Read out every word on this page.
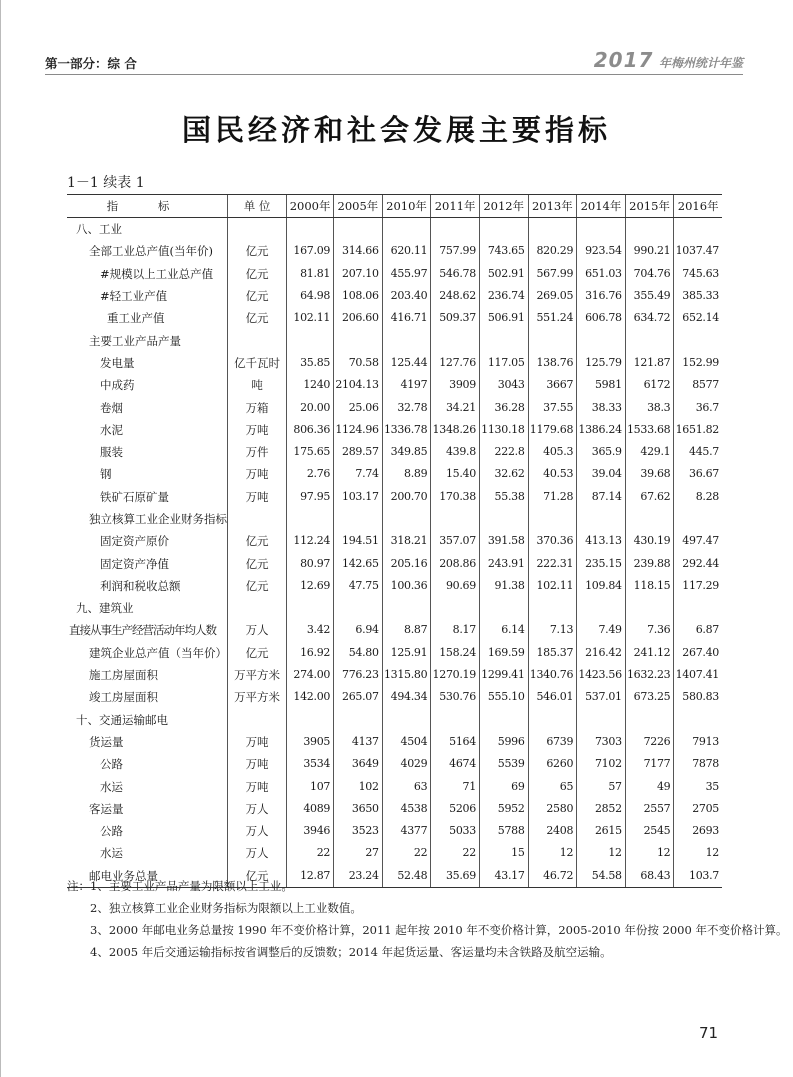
第一部分：综 合	2017 年梅州统计年鉴
国民经济和社会发展主要指标
1－1 续表 1
指 标	单 位	2000年	2005年	2010年	2011年	2012年	2013年	2014年	2015年	2016年
八、工业										
全部工业总产值(当年价)	亿元	167.09	314.66	620.11	757.99	743.65	820.29	923.54	990.21	1037.47
#规模以上工业总产值	亿元	81.81	207.10	455.97	546.78	502.91	567.99	651.03	704.76	745.63
#轻工业产值	亿元	64.98	108.06	203.40	248.62	236.74	269.05	316.76	355.49	385.33
重工业产值	亿元	102.11	206.60	416.71	509.37	506.91	551.24	606.78	634.72	652.14
主要工业产品产量										
发电量	亿千瓦时	35.85	70.58	125.44	127.76	117.05	138.76	125.79	121.87	152.99
中成药	吨	1240	2104.13	4197	3909	3043	3667	5981	6172	8577
卷烟	万箱	20.00	25.06	32.78	34.21	36.28	37.55	38.33	38.3	36.7
水泥	万吨	806.36	1124.96	1336.78	1348.26	1130.18	1179.68	1386.24	1533.68	1651.82
服装	万件	175.65	289.57	349.85	439.8	222.8	405.3	365.9	429.1	445.7
钢	万吨	2.76	7.74	8.89	15.40	32.62	40.53	39.04	39.68	36.67
铁矿石原矿量	万吨	97.95	103.17	200.70	170.38	55.38	71.28	87.14	67.62	8.28
独立核算工业企业财务指标										
固定资产原价	亿元	112.24	194.51	318.21	357.07	391.58	370.36	413.13	430.19	497.47
固定资产净值	亿元	80.97	142.65	205.16	208.86	243.91	222.31	235.15	239.88	292.44
利润和税收总额	亿元	12.69	47.75	100.36	90.69	91.38	102.11	109.84	118.15	117.29
九、建筑业										
直接从事生产经营活动年均人数	万人	3.42	6.94	8.87	8.17	6.14	7.13	7.49	7.36	6.87
建筑企业总产值（当年价）	亿元	16.92	54.80	125.91	158.24	169.59	185.37	216.42	241.12	267.40
施工房屋面积	万平方米	274.00	776.23	1315.80	1270.19	1299.41	1340.76	1423.56	1632.23	1407.41
竣工房屋面积	万平方米	142.00	265.07	494.34	530.76	555.10	546.01	537.01	673.25	580.83
十、交通运输邮电										
货运量	万吨	3905	4137	4504	5164	5996	6739	7303	7226	7913
公路	万吨	3534	3649	4029	4674	5539	6260	7102	7177	7878
水运	万吨	107	102	63	71	69	65	57	49	35
客运量	万人	4089	3650	4538	5206	5952	2580	2852	2557	2705
公路	万人	3946	3523	4377	5033	5788	2408	2615	2545	2693
水运	万人	22	27	22	22	15	12	12	12	12
邮电业务总量	亿元	12.87	23.24	52.48	35.69	43.17	46.72	54.58	68.43	103.7
注：1、主要工业产品产量为限额以上工业。
2、独立核算工业企业财务指标为限额以上工业数值。
3、2000 年邮电业务总量按 1990 年不变价格计算，2011 起年按 2010 年不变价格计算，2005-2010 年份按 2000 年不变价格计算。
4、2005 年后交通运输指标按省调整后的反馈数；2014 年起货运量、客运量均未含铁路及航空运输。
71
